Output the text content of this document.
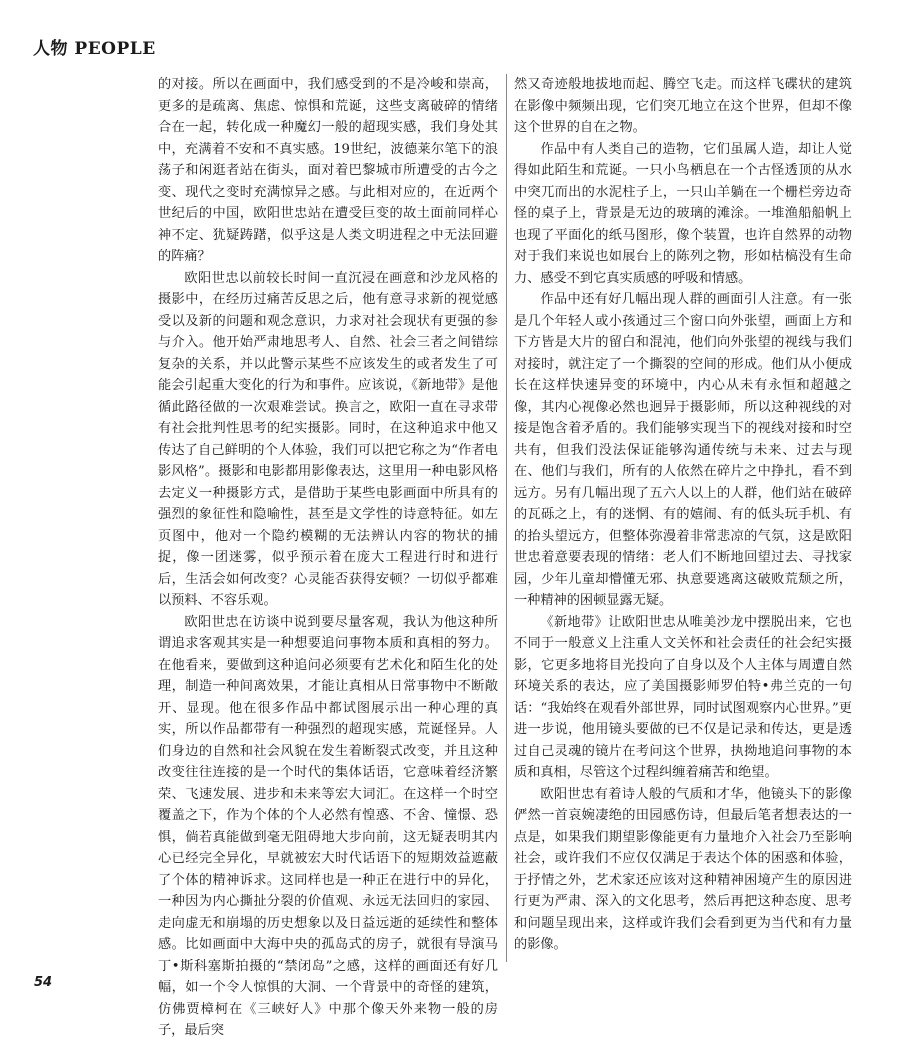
人物 PEOPLE

的对接。所以在画面中，我们感受到的不是冷峻和崇高，更多的是疏离、焦虑、惊惧和荒诞，这些支离破碎的情绪合在一起，转化成一种魔幻一般的超现实感，我们身处其中，充满着不安和不真实感。19世纪，波德莱尔笔下的浪荡子和闲逛者站在街头，面对着巴黎城市所遭受的古今之变、现代之变时充满惊异之感。与此相对应的，在近两个世纪后的中国，欧阳世忠站在遭受巨变的故土面前同样心神不定、犹疑踌躇，似乎这是人类文明进程之中无法回避的阵痛？

欧阳世忠以前较长时间一直沉浸在画意和沙龙风格的摄影中，在经历过痛苦反思之后，他有意寻求新的视觉感受以及新的问题和观念意识，力求对社会现状有更强的参与介入。他开始严肃地思考人、自然、社会三者之间错综复杂的关系，并以此警示某些不应该发生的或者发生了可能会引起重大变化的行为和事件。应该说，《新地带》是他循此路径做的一次艰难尝试。换言之，欧阳一直在寻求带有社会批判性思考的纪实摄影。同时，在这种追求中他又传达了自己鲜明的个人体验，我们可以把它称之为“作者电影风格”。摄影和电影都用影像表达，这里用一种电影风格去定义一种摄影方式，是借助于某些电影画面中所具有的强烈的象征性和隐喻性，甚至是文学性的诗意特征。如左页图中，他对一个隐约模糊的无法辨认内容的物状的捕捉，像一团迷雾，似乎预示着在庞大工程进行时和进行后，生活会如何改变？心灵能否获得安顿？一切似乎都难以预料、不容乐观。

欧阳世忠在访谈中说到要尽量客观，我认为他这种所谓追求客观其实是一种想要追问事物本质和真相的努力。在他看来，要做到这种追问必须要有艺术化和陌生化的处理，制造一种间离效果，才能让真相从日常事物中不断敞开、显现。他在很多作品中都试图展示出一种心理的真实，所以作品都带有一种强烈的超现实感，荒诞怪异。人们身边的自然和社会风貌在发生着断裂式改变，并且这种改变往往连接的是一个时代的集体话语，它意味着经济繁荣、飞速发展、进步和未来等宏大词汇。在这样一个时空覆盖之下，作为个体的个人必然有惶惑、不舍、憧憬、恐惧，倘若真能做到毫无阻碍地大步向前，这无疑表明其内心已经完全异化，早就被宏大时代话语下的短期效益遮蔽了个体的精神诉求。这同样也是一种正在进行中的异化，一种因为内心撕扯分裂的价值观、永远无法回归的家园、走向虚无和崩塌的历史想象以及日益远逝的延续性和整体感。比如画面中大海中央的孤岛式的房子，就很有导演马丁•斯科塞斯拍摄的“禁闭岛”之感，这样的画面还有好几幅，如一个令人惊惧的大洞、一个背景中的奇怪的建筑，仿佛贾樟柯在《三峡好人》中那个像天外来物一般的房子，最后突

然又奇迹般地拔地而起、腾空飞走。而这样飞碟状的建筑在影像中频频出现，它们突兀地立在这个世界，但却不像这个世界的自在之物。

作品中有人类自己的造物，它们虽属人造，却让人觉得如此陌生和荒诞。一只小鸟栖息在一个古怪透顶的从水中突兀而出的水泥柱子上，一只山羊躺在一个栅栏旁边奇怪的桌子上，背景是无边的玻璃的滩涂。一堆渔船船帆上也现了平面化的纸马图形，像个装置，也许自然界的动物对于我们来说也如展台上的陈列之物，形如枯槁没有生命力、感受不到它真实质感的呼吸和情感。

作品中还有好几幅出现人群的画面引人注意。有一张是几个年轻人或小孩通过三个窗口向外张望，画面上方和下方皆是大片的留白和混沌，他们向外张望的视线与我们对接时，就注定了一个撕裂的空间的形成。他们从小便成长在这样快速异变的环境中，内心从未有永恒和超越之像，其内心视像必然也迥异于摄影师，所以这种视线的对接是饱含着矛盾的。我们能够实现当下的视线对接和时空共有，但我们没法保证能够沟通传统与未来、过去与现在、他们与我们，所有的人依然在碎片之中挣扎，看不到远方。另有几幅出现了五六人以上的人群，他们站在破碎的瓦砾之上，有的迷惘、有的嬉闹、有的低头玩手机、有的抬头望远方，但整体弥漫着非常悲凉的气氛，这是欧阳世忠着意要表现的情绪：老人们不断地回望过去、寻找家园，少年儿童却懵懂无邪、执意要逃离这破败荒颓之所，一种精神的困顿显露无疑。

《新地带》让欧阳世忠从唯美沙龙中摆脱出来，它也不同于一般意义上注重人文关怀和社会责任的社会纪实摄影，它更多地将目光投向了自身以及个人主体与周遭自然环境关系的表达，应了美国摄影师罗伯特•弗兰克的一句话：“我始终在观看外部世界，同时试图观察内心世界。”更进一步说，他用镜头要做的已不仅是记录和传达，更是透过自己灵魂的镜片在考问这个世界，执拗地追问事物的本质和真相，尽管这个过程纠缠着痛苦和绝望。

欧阳世忠有着诗人般的气质和才华，他镜头下的影像俨然一首哀婉凄绝的田园感伤诗，但最后笔者想表达的一点是，如果我们期望影像能更有力量地介入社会乃至影响社会，或许我们不应仅仅满足于表达个体的困惑和体验，于抒情之外，艺术家还应该对这种精神困境产生的原因进行更为严肃、深入的文化思考，然后再把这种态度、思考和问题呈现出来，这样或许我们会看到更为当代和有力量的影像。

54
